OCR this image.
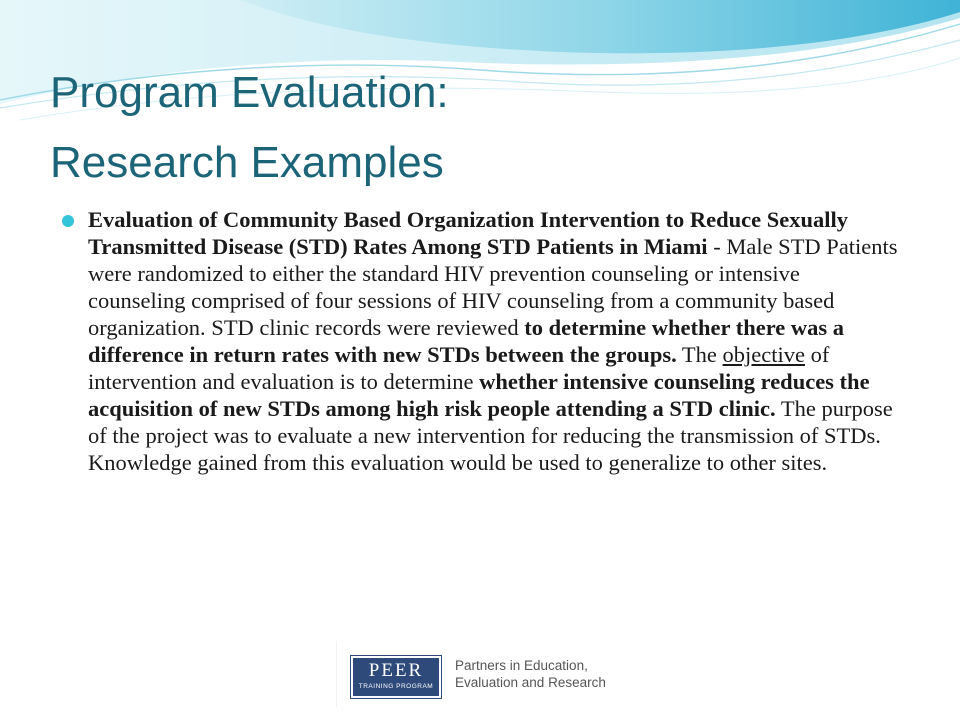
Program Evaluation:
Research Examples

Evaluation of Community Based Organization Intervention to Reduce Sexually Transmitted Disease (STD) Rates Among STD Patients in Miami - Male STD Patients were randomized to either the standard HIV prevention counseling or intensive counseling comprised of four sessions of HIV counseling from a community based organization. STD clinic records were reviewed to determine whether there was a difference in return rates with new STDs between the groups. The objective of intervention and evaluation is to determine whether intensive counseling reduces the acquisition of new STDs among high risk people attending a STD clinic. The purpose of the project was to evaluate a new intervention for reducing the transmission of STDs. Knowledge gained from this evaluation would be used to generalize to other sites.

PEER
TRAINING PROGRAM
Partners in Education,
Evaluation and Research
